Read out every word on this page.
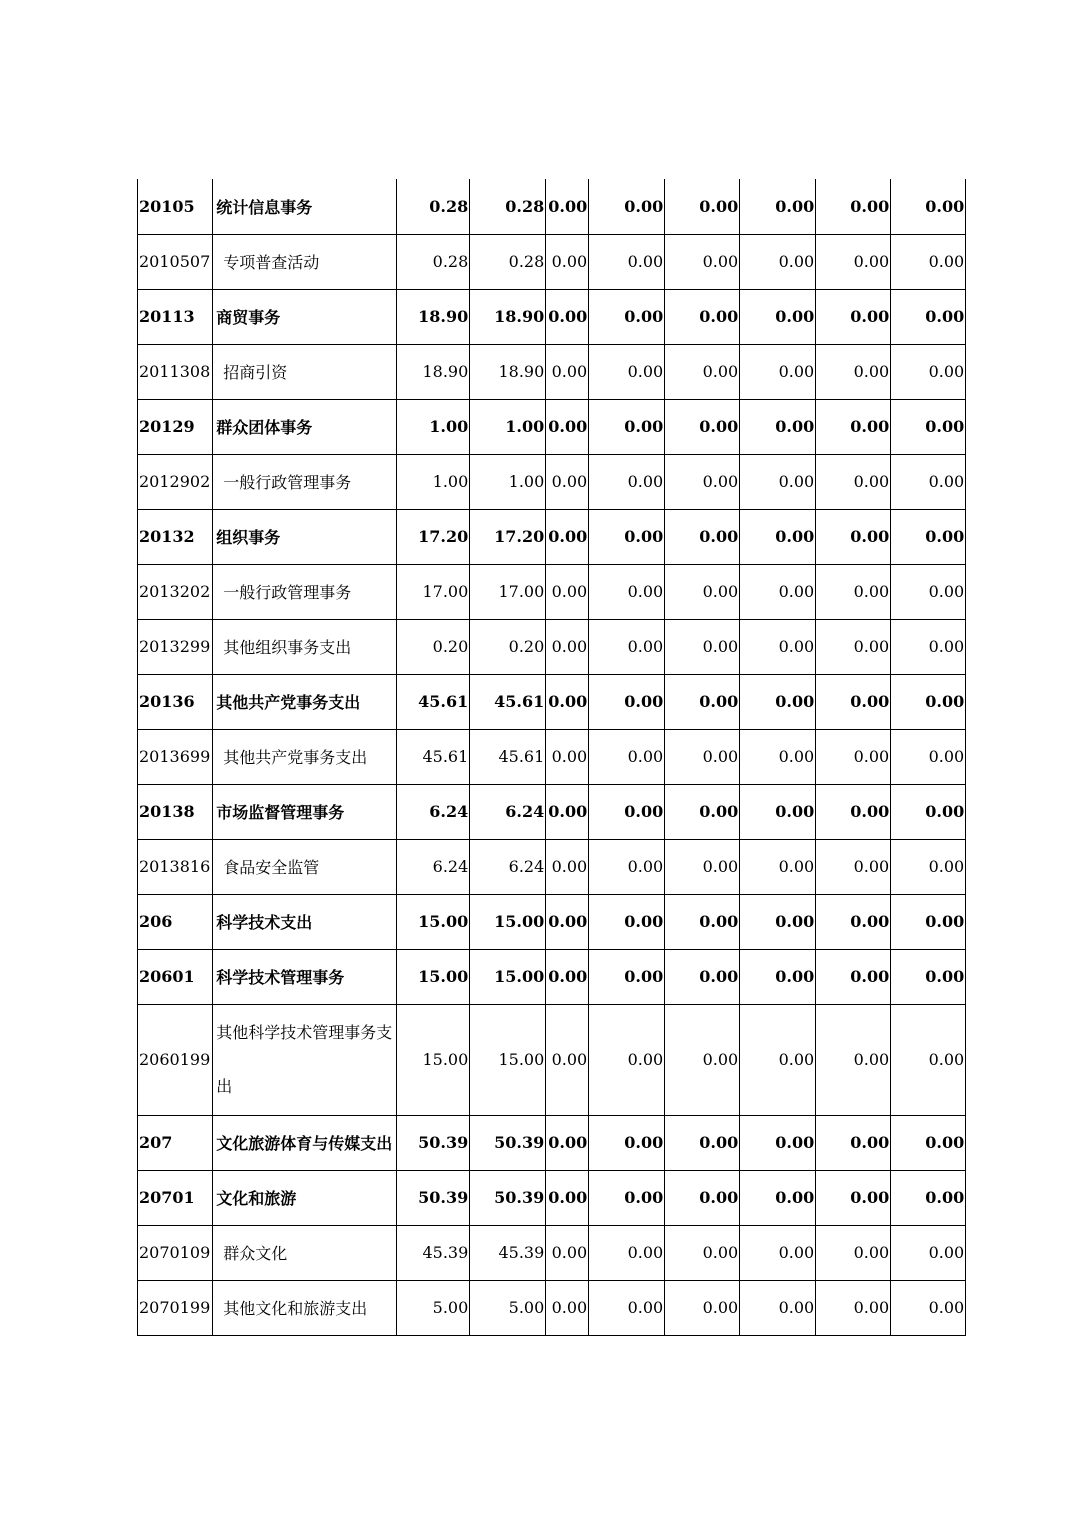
20105	统计信息事务	0.28	0.28	0.00	0.00	0.00	0.00	0.00	0.00
2010507	专项普查活动	0.28	0.28	0.00	0.00	0.00	0.00	0.00	0.00
20113	商贸事务	18.90	18.90	0.00	0.00	0.00	0.00	0.00	0.00
2011308	招商引资	18.90	18.90	0.00	0.00	0.00	0.00	0.00	0.00
20129	群众团体事务	1.00	1.00	0.00	0.00	0.00	0.00	0.00	0.00
2012902	一般行政管理事务	1.00	1.00	0.00	0.00	0.00	0.00	0.00	0.00
20132	组织事务	17.20	17.20	0.00	0.00	0.00	0.00	0.00	0.00
2013202	一般行政管理事务	17.00	17.00	0.00	0.00	0.00	0.00	0.00	0.00
2013299	其他组织事务支出	0.20	0.20	0.00	0.00	0.00	0.00	0.00	0.00
20136	其他共产党事务支出	45.61	45.61	0.00	0.00	0.00	0.00	0.00	0.00
2013699	其他共产党事务支出	45.61	45.61	0.00	0.00	0.00	0.00	0.00	0.00
20138	市场监督管理事务	6.24	6.24	0.00	0.00	0.00	0.00	0.00	0.00
2013816	食品安全监管	6.24	6.24	0.00	0.00	0.00	0.00	0.00	0.00
206	科学技术支出	15.00	15.00	0.00	0.00	0.00	0.00	0.00	0.00
20601	科学技术管理事务	15.00	15.00	0.00	0.00	0.00	0.00	0.00	0.00
2060199	其他科学技术管理事务支出	15.00	15.00	0.00	0.00	0.00	0.00	0.00	0.00
207	文化旅游体育与传媒支出	50.39	50.39	0.00	0.00	0.00	0.00	0.00	0.00
20701	文化和旅游	50.39	50.39	0.00	0.00	0.00	0.00	0.00	0.00
2070109	群众文化	45.39	45.39	0.00	0.00	0.00	0.00	0.00	0.00
2070199	其他文化和旅游支出	5.00	5.00	0.00	0.00	0.00	0.00	0.00	0.00
